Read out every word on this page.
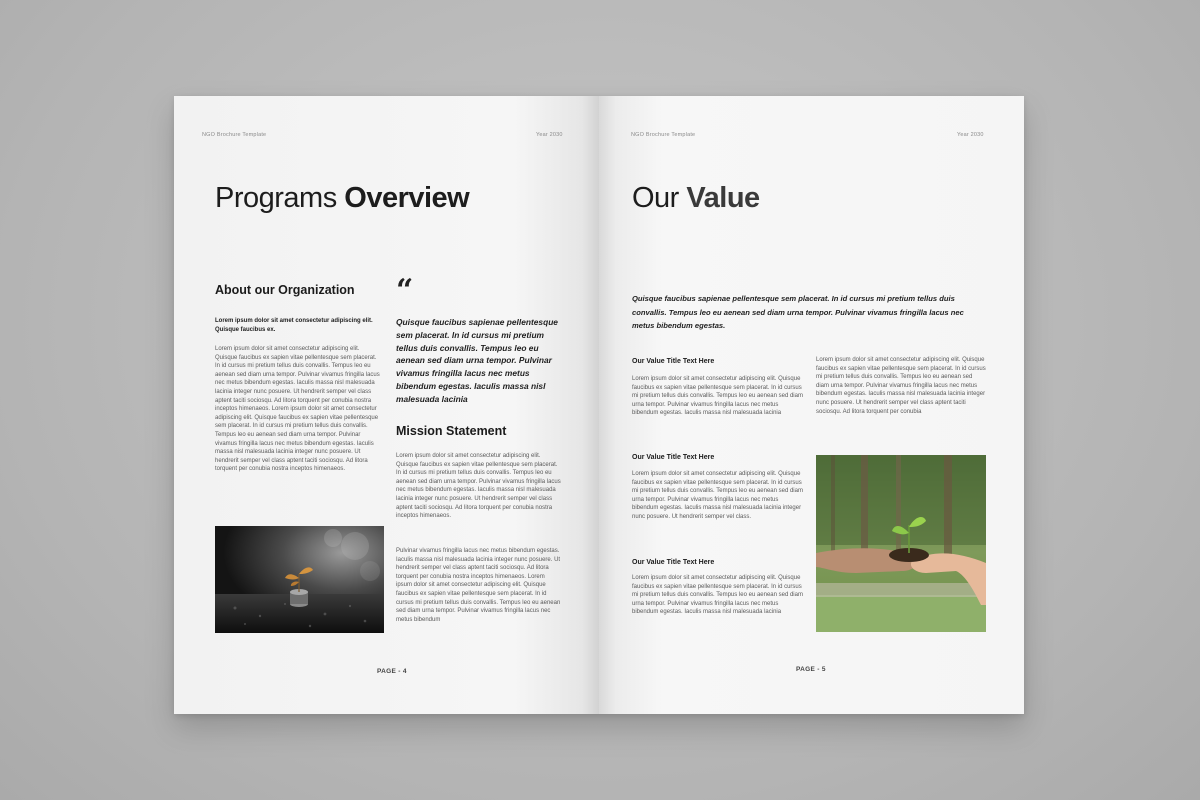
NGO Brochure Template	Year 2030
Programs Overview
About our Organization
Lorem ipsum dolor sit amet consectetur adipiscing elit. Quisque faucibus ex.
Lorem ipsum dolor sit amet consectetur adipiscing elit. Quisque faucibus ex sapien vitae pellentesque sem placerat. In id cursus mi pretium tellus duis convallis. Tempus leo eu aenean sed diam urna tempor. Pulvinar vivamus fringilla lacus nec metus bibendum egestas. Iaculis massa nisl malesuada lacinia integer nunc posuere. Ut hendrerit semper vel class aptent taciti sociosqu. Ad litora torquent per conubia nostra inceptos himenaeos. Lorem ipsum dolor sit amet consectetur adipiscing elit. Quisque faucibus ex sapien vitae pellentesque sem placerat. In id cursus mi pretium tellus duis convallis. Tempus leo eu aenean sed diam urna tempor. Pulvinar vivamus fringilla lacus nec metus bibendum egestas. Iaculis massa nisl malesuada lacinia integer nunc posuere. Ut hendrerit semper vel class aptent taciti sociosqu. Ad litora torquent per conubia nostra inceptos himenaeos.
“
Quisque faucibus sapienae pellentesque sem placerat. In id cursus mi pretium tellus duis convallis. Tempus leo eu aenean sed diam urna tempor. Pulvinar vivamus fringilla lacus nec metus bibendum egestas. Iaculis massa nisl malesuada lacinia
Mission Statement
Lorem ipsum dolor sit amet consectetur adipiscing elit. Quisque faucibus ex sapien vitae pellentesque sem placerat. In id cursus mi pretium tellus duis convallis. Tempus leo eu aenean sed diam urna tempor. Pulvinar vivamus fringilla lacus nec metus bibendum egestas. Iaculis massa nisl malesuada lacinia integer nunc posuere. Ut hendrerit semper vel class aptent taciti sociosqu. Ad litora torquent per conubia nostra inceptos himenaeos.
Pulvinar vivamus fringilla lacus nec metus bibendum egestas. Iaculis massa nisl malesuada lacinia integer nunc posuere. Ut hendrerit semper vel class aptent taciti sociosqu. Ad litora torquent per conubia nostra inceptos himenaeos. Lorem ipsum dolor sit amet consectetur adipiscing elit. Quisque faucibus ex sapien vitae pellentesque sem placerat. In id cursus mi pretium tellus duis convallis. Tempus leo eu aenean sed diam urna tempor. Pulvinar vivamus fringilla lacus nec metus bibendum
PAGE - 4
NGO Brochure Template	Year 2030
Our Value
Quisque faucibus sapienae pellentesque sem placerat. In id cursus mi pretium tellus duis convallis. Tempus leo eu aenean sed diam urna tempor. Pulvinar vivamus fringilla lacus nec metus bibendum egestas.
Our Value Title Text Here
Lorem ipsum dolor sit amet consectetur adipiscing elit. Quisque faucibus ex sapien vitae pellentesque sem placerat. In id cursus mi pretium tellus duis convallis. Tempus leo eu aenean sed diam urna tempor. Pulvinar vivamus fringilla lacus nec metus bibendum egestas. Iaculis massa nisl malesuada lacinia
Our Value Title Text Here
Lorem ipsum dolor sit amet consectetur adipiscing elit. Quisque faucibus ex sapien vitae pellentesque sem placerat. In id cursus mi pretium tellus duis convallis. Tempus leo eu aenean sed diam urna tempor. Pulvinar vivamus fringilla lacus nec metus bibendum egestas. Iaculis massa nisl malesuada lacinia integer nunc posuere. Ut hendrerit semper vel class.
Our Value Title Text Here
Lorem ipsum dolor sit amet consectetur adipiscing elit. Quisque faucibus ex sapien vitae pellentesque sem placerat. In id cursus mi pretium tellus duis convallis. Tempus leo eu aenean sed diam urna tempor. Pulvinar vivamus fringilla lacus nec metus bibendum egestas. Iaculis massa nisl malesuada lacinia
Lorem ipsum dolor sit amet consectetur adipiscing elit. Quisque faucibus ex sapien vitae pellentesque sem placerat. In id cursus mi pretium tellus duis convallis. Tempus leo eu aenean sed diam urna tempor. Pulvinar vivamus fringilla lacus nec metus bibendum egestas. Iaculis massa nisl malesuada lacinia integer nunc posuere. Ut hendrerit semper vel class aptent taciti sociosqu. Ad litora torquent per conubia
PAGE - 5
